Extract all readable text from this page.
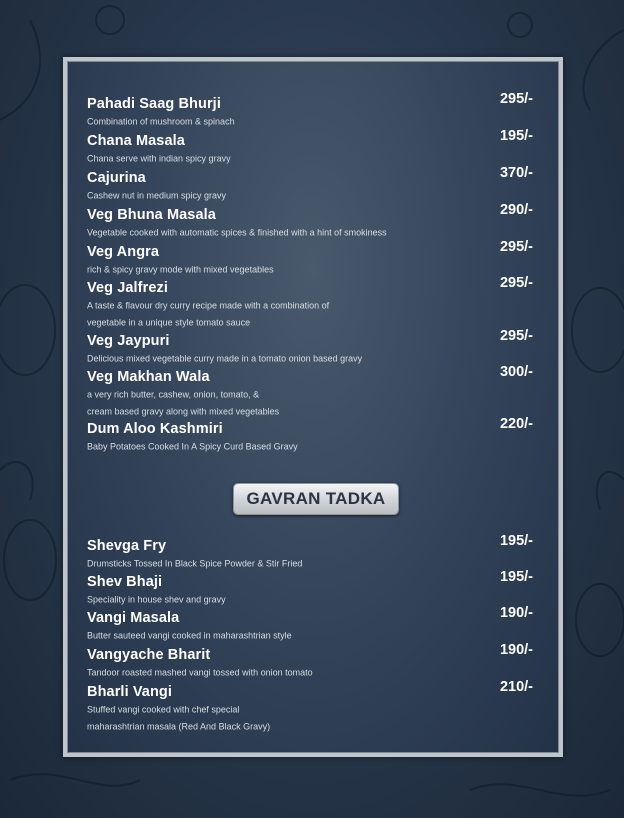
Pahadi Saag Bhurji	295/-
Combination of mushroom & spinach
Chana Masala	195/-
Chana serve with indian spicy gravy
Cajurina	370/-
Cashew nut in medium spicy gravy
Veg Bhuna Masala	290/-
Vegetable cooked with automatic spices & finished with a hint of smokiness
Veg Angra	295/-
rich & spicy gravy mode with mixed vegetables
Veg Jalfrezi	295/-
A taste & flavour dry curry recipe made with a combination of
vegetable in a unique style tomato sauce
Veg Jaypuri	295/-
Delicious mixed vegetable curry made in a tomato onion based gravy
Veg Makhan Wala	300/-
a very rich butter, cashew, onion, tomato, &
cream based gravy along with mixed vegetables
Dum Aloo Kashmiri	220/-
Baby Potatoes Cooked In A Spicy Curd Based Gravy
GAVRAN TADKA
Shevga Fry	195/-
Drumsticks Tossed In Black Spice Powder & Stir Fried
Shev Bhaji	195/-
Speciality in house shev and gravy
Vangi Masala	190/-
Butter sauteed vangi cooked in maharashtrian style
Vangyache Bharit	190/-
Tandoor roasted mashed vangi tossed with onion tomato
Bharli Vangi	210/-
Stuffed vangi cooked with chef special
maharashtrian masala (Red And Black Gravy)
